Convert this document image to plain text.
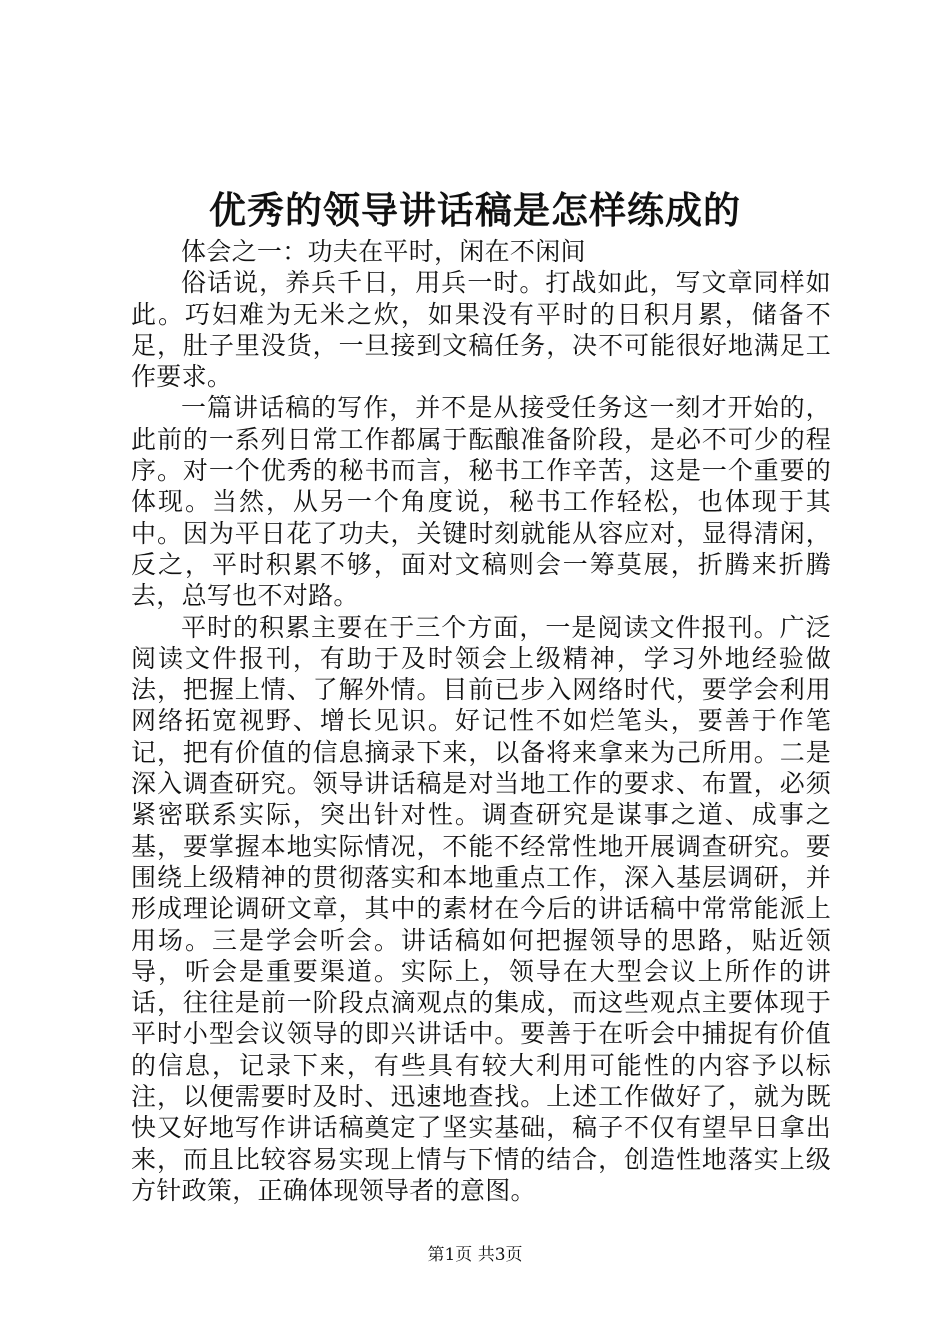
优秀的领导讲话稿是怎样练成的

体会之一：功夫在平时，闲在不闲间

俗话说，养兵千日，用兵一时。打战如此，写文章同样如此。巧妇难为无米之炊，如果没有平时的日积月累，储备不足，肚子里没货，一旦接到文稿任务，决不可能很好地满足工作要求。

一篇讲话稿的写作，并不是从接受任务这一刻才开始的，此前的一系列日常工作都属于酝酿准备阶段，是必不可少的程序。对一个优秀的秘书而言，秘书工作辛苦，这是一个重要的体现。当然，从另一个角度说，秘书工作轻松，也体现于其中。因为平日花了功夫，关键时刻就能从容应对，显得清闲，反之，平时积累不够，面对文稿则会一筹莫展，折腾来折腾去，总写也不对路。

平时的积累主要在于三个方面，一是阅读文件报刊。广泛阅读文件报刊，有助于及时领会上级精神，学习外地经验做法，把握上情、了解外情。目前已步入网络时代，要学会利用网络拓宽视野、增长见识。好记性不如烂笔头，要善于作笔记，把有价值的信息摘录下来，以备将来拿来为己所用。二是深入调查研究。领导讲话稿是对当地工作的要求、布置，必须紧密联系实际，突出针对性。调查研究是谋事之道、成事之基，要掌握本地实际情况，不能不经常性地开展调查研究。要围绕上级精神的贯彻落实和本地重点工作，深入基层调研，并形成理论调研文章，其中的素材在今后的讲话稿中常常能派上用场。三是学会听会。讲话稿如何把握领导的思路，贴近领导，听会是重要渠道。实际上，领导在大型会议上所作的讲话，往往是前一阶段点滴观点的集成，而这些观点主要体现于平时小型会议领导的即兴讲话中。要善于在听会中捕捉有价值的信息，记录下来，有些具有较大利用可能性的内容予以标注，以便需要时及时、迅速地查找。上述工作做好了，就为既快又好地写作讲话稿奠定了坚实基础，稿子不仅有望早日拿出来，而且比较容易实现上情与下情的结合，创造性地落实上级方针政策，正确体现领导者的意图。

第1页 共3页
